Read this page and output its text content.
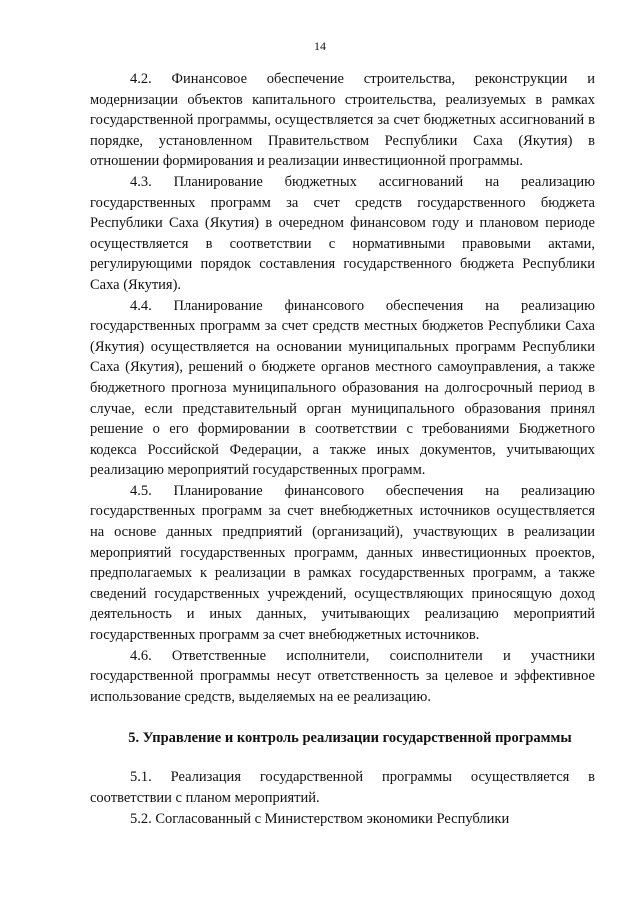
14

4.2. Финансовое обеспечение строительства, реконструкции и модернизации объектов капитального строительства, реализуемых в рамках государственной программы, осуществляется за счет бюджетных ассигнований в порядке, установленном Правительством Республики Саха (Якутия) в отношении формирования и реализации инвестиционной программы.

4.3. Планирование бюджетных ассигнований на реализацию государственных программ за счет средств государственного бюджета Республики Саха (Якутия) в очередном финансовом году и плановом периоде осуществляется в соответствии с нормативными правовыми актами, регулирующими порядок составления государственного бюджета Республики Саха (Якутия).

4.4. Планирование финансового обеспечения на реализацию государственных программ за счет средств местных бюджетов Республики Саха (Якутия) осуществляется на основании муниципальных программ Республики Саха (Якутия), решений о бюджете органов местного самоуправления, а также бюджетного прогноза муниципального образования на долгосрочный период в случае, если представительный орган муниципального образования принял решение о его формировании в соответствии с требованиями Бюджетного кодекса Российской Федерации, а также иных документов, учитывающих реализацию мероприятий государственных программ.

4.5. Планирование финансового обеспечения на реализацию государственных программ за счет внебюджетных источников осуществляется на основе данных предприятий (организаций), участвующих в реализации мероприятий государственных программ, данных инвестиционных проектов, предполагаемых к реализации в рамках государственных программ, а также сведений государственных учреждений, осуществляющих приносящую доход деятельность и иных данных, учитывающих реализацию мероприятий государственных программ за счет внебюджетных источников.

4.6. Ответственные исполнители, соисполнители и участники государственной программы несут ответственность за целевое и эффективное использование средств, выделяемых на ее реализацию.

5. Управление и контроль реализации государственной программы

5.1. Реализация государственной программы осуществляется в соответствии с планом мероприятий.

5.2. Согласованный с Министерством экономики Республики
